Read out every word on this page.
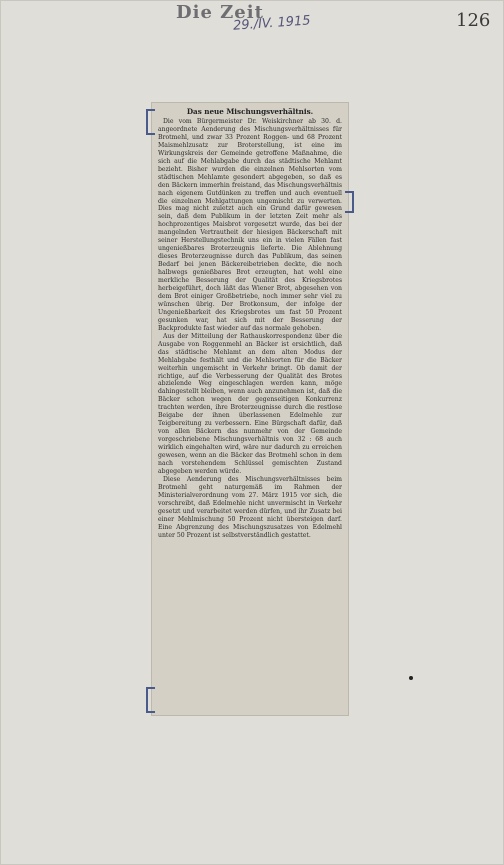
Die Zeit
29./IV. 1915	126
Das neue Mischungsverhältnis.

Die vom Bürgermeister Dr. Weiskirchner ab 30. d. angeordnete Aenderung des Mischungsverhältnisses für Brotmehl, und zwar 33 Prozent Roggen- und 68 Prozent Maismehlzusatz zur Broterstellung, ist eine im Wirkungskreis der Gemeinde getroffene Maßnahme, die sich auf die Mehlabgabe durch das städtische Mehlamt bezieht. Bisher wurden die einzelnen Mehlsorten vom städtischen Mehlamte gesondert abgegeben, so daß es den Bäckern immerhin freistand, das Mischungsverhältnis nach eigenem Gutdünken zu treffen und auch eventuell die einzelnen Mehlgattungen ungemischt zu verwerten. Dies mag nicht zuletzt auch ein Grund dafür gewesen sein, daß dem Publikum in der letzten Zeit mehr als hochprozentiges Maisbrot vorgesetzt wurde, das bei der mangelnden Vertrautheit der hiesigen Bäckerschaft mit seiner Herstellungstechnik uns ein in vielen Fällen fast ungenießbares Broterzeugnis lieferte. Die Ablehnung dieses Broterzeugnisse durch das Publikum, das seinen Bedarf bei jenen Bäckereibetrieben deckte, die noch halbwegs genießbares Brot erzeugten, hat wohl eine merkliche Besserung der Qualität des Kriegsbrotes herbeigeführt, doch läßt das Wiener Brot, abgesehen von dem Brot einiger Großbetriebe, noch immer sehr viel zu wünschen übrig. Der Brotkonsum, der infolge der Ungenießbarkeit des Kriegsbrotes um fast 50 Prozent gesunken war, hat sich mit der Besserung der Backprodukte fast wieder auf das normale gehoben.

Aus der Mitteilung der Rathauskorrespondenz über die Ausgabe von Roggenmehl an Bäcker ist ersichtlich, daß das städtische Mehlamt an dem alten Modus der Mehlabgabe festhält und die Mehlsorten für die Bäcker weiterhin ungemischt in Verkehr bringt. Ob damit der richtige, auf die Verbesserung der Qualität des Brotes abzielende Weg eingeschlagen werden kann, möge dahingestellt bleiben, wenn auch anzunehmen ist, daß die Bäcker schon wegen der gegenseitigen Konkurrenz trachten werden, ihre Broterzeugnisse durch die restlose Beigabe der ihnen überlassenen Edelmehle zur Teigbereitung zu verbessern. Eine Bürgschaft dafür, daß von allen Bäckern das nunmehr von der Gemeinde vorgeschriebene Mischungsverhältnis von 32 : 68 auch wirklich eingehalten wird, wäre nur dadurch zu erreichen gewesen, wenn an die Bäcker das Brotmehl schon in dem nach vorstehendem Schlüssel gemischten Zustand abgegeben werden würde.

Diese Aenderung des Mischungsverhältnisses beim Brotmehl geht naturgemäß im Rahmen der Ministerialverordnung vom 27. März 1915 vor sich, die vorschreibt, daß Edelmehle nicht unvermischt in Verkehr gesetzt und verarbeitet werden dürfen, und ihr Zusatz bei einer Mehlmischung 50 Prozent nicht übersteigen darf. Eine Abgrenzung des Mischungszusatzes von Edelmehl unter 50 Prozent ist selbstverständlich gestattet.
